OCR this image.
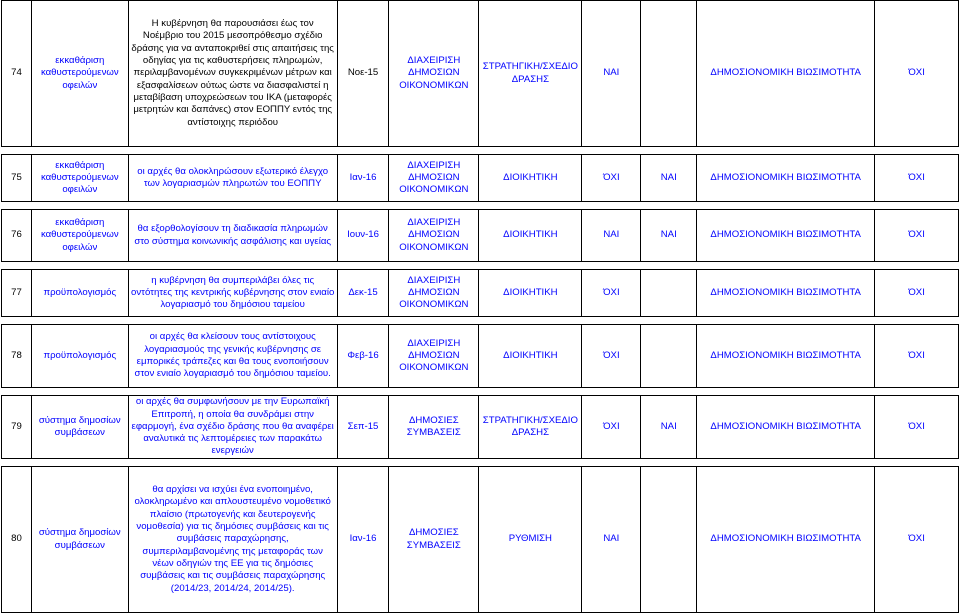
74	εκκαθάριση καθυστερούμενων οφειλών	Η κυβέρνηση θα παρουσιάσει έως τον Νοέμβριο του 2015 μεσοπρόθεσμο σχέδιο δράσης για να ανταποκριθεί στις απαιτήσεις της οδηγίας για τις καθυστερήσεις πληρωμών, περιλαμβανομένων συγκεκριμένων μέτρων και εξασφαλίσεων ούτως ώστε να διασφαλιστεί η μεταβίβαση υποχρεώσεων του ΙΚΑ (μεταφορές μετρητών και δαπάνες) στον ΕΟΠΠΥ εντός της αντίστοιχης περιόδου	Νοε-15	ΔΙΑΧΕΙΡΙΣΗ ΔΗΜΟΣΙΩΝ ΟΙΚΟΝΟΜΙΚΩΝ	ΣΤΡΑΤΗΓΙΚΗ/ΣΧΕΔΙΟ ΔΡΑΣΗΣ	ΝΑΙ		ΔΗΜΟΣΙΟΝΟΜΙΚΗ ΒΙΩΣΙΜΟΤΗΤΑ	ΌΧΙ

75	εκκαθάριση καθυστερούμενων οφειλών	οι αρχές θα ολοκληρώσουν εξωτερικό έλεγχο των λογαριασμών πληρωτών του ΕΟΠΠΥ	Ιαν-16	ΔΙΑΧΕΙΡΙΣΗ ΔΗΜΟΣΙΩΝ ΟΙΚΟΝΟΜΙΚΩΝ	ΔΙΟΙΚΗΤΙΚΗ	ΌΧΙ	ΝΑΙ	ΔΗΜΟΣΙΟΝΟΜΙΚΗ ΒΙΩΣΙΜΟΤΗΤΑ	ΌΧΙ

76	εκκαθάριση καθυστερούμενων οφειλών	θα εξορθολογίσουν τη διαδικασία πληρωμών στο σύστημα κοινωνικής ασφάλισης και υγείας	Ιουν-16	ΔΙΑΧΕΙΡΙΣΗ ΔΗΜΟΣΙΩΝ ΟΙΚΟΝΟΜΙΚΩΝ	ΔΙΟΙΚΗΤΙΚΗ	ΝΑΙ	ΝΑΙ	ΔΗΜΟΣΙΟΝΟΜΙΚΗ ΒΙΩΣΙΜΟΤΗΤΑ	ΌΧΙ

77	προϋπολογισμός	η κυβέρνηση θα συμπεριλάβει όλες τις οντότητες της κεντρικής κυβέρνησης στον ενιαίο λογαριασμό του δημόσιου ταμείου	Δεκ-15	ΔΙΑΧΕΙΡΙΣΗ ΔΗΜΟΣΙΩΝ ΟΙΚΟΝΟΜΙΚΩΝ	ΔΙΟΙΚΗΤΙΚΗ	ΌΧΙ		ΔΗΜΟΣΙΟΝΟΜΙΚΗ ΒΙΩΣΙΜΟΤΗΤΑ	ΌΧΙ

78	προϋπολογισμός	οι αρχές θα κλείσουν τους αντίστοιχους λογαριασμούς της γενικής κυβέρνησης σε εμπορικές τράπεζες και θα τους ενοποιήσουν στον ενιαίο λογαριασμό του δημόσιου ταμείου.	Φεβ-16	ΔΙΑΧΕΙΡΙΣΗ ΔΗΜΟΣΙΩΝ ΟΙΚΟΝΟΜΙΚΩΝ	ΔΙΟΙΚΗΤΙΚΗ	ΌΧΙ		ΔΗΜΟΣΙΟΝΟΜΙΚΗ ΒΙΩΣΙΜΟΤΗΤΑ	ΌΧΙ

79	σύστημα δημοσίων συμβάσεων	οι αρχές θα συμφωνήσουν με την Ευρωπαϊκή Επιτροπή, η οποία θα συνδράμει στην εφαρμογή, ένα σχέδιο δράσης που θα αναφέρει αναλυτικά τις λεπτομέρειες των παρακάτω ενεργειών	Σεπ-15	ΔΗΜΟΣΙΕΣ ΣΥΜΒΑΣΕΙΣ	ΣΤΡΑΤΗΓΙΚΗ/ΣΧΕΔΙΟ ΔΡΑΣΗΣ	ΌΧΙ	ΝΑΙ	ΔΗΜΟΣΙΟΝΟΜΙΚΗ ΒΙΩΣΙΜΟΤΗΤΑ	ΌΧΙ

80	σύστημα δημοσίων συμβάσεων	θα αρχίσει να ισχύει ένα ενοποιημένο, ολοκληρωμένο και απλουστευμένο νομοθετικό πλαίσιο (πρωτογενής και δευτερογενής νομοθεσία) για τις δημόσιες συμβάσεις και τις συμβάσεις παραχώρησης, συμπεριλαμβανομένης της μεταφοράς των νέων οδηγιών της ΕΕ για τις δημόσιες συμβάσεις και τις συμβάσεις παραχώρησης (2014/23, 2014/24, 2014/25).	Ιαν-16	ΔΗΜΟΣΙΕΣ ΣΥΜΒΑΣΕΙΣ	ΡΥΘΜΙΣΗ	ΝΑΙ		ΔΗΜΟΣΙΟΝΟΜΙΚΗ ΒΙΩΣΙΜΟΤΗΤΑ	ΌΧΙ
